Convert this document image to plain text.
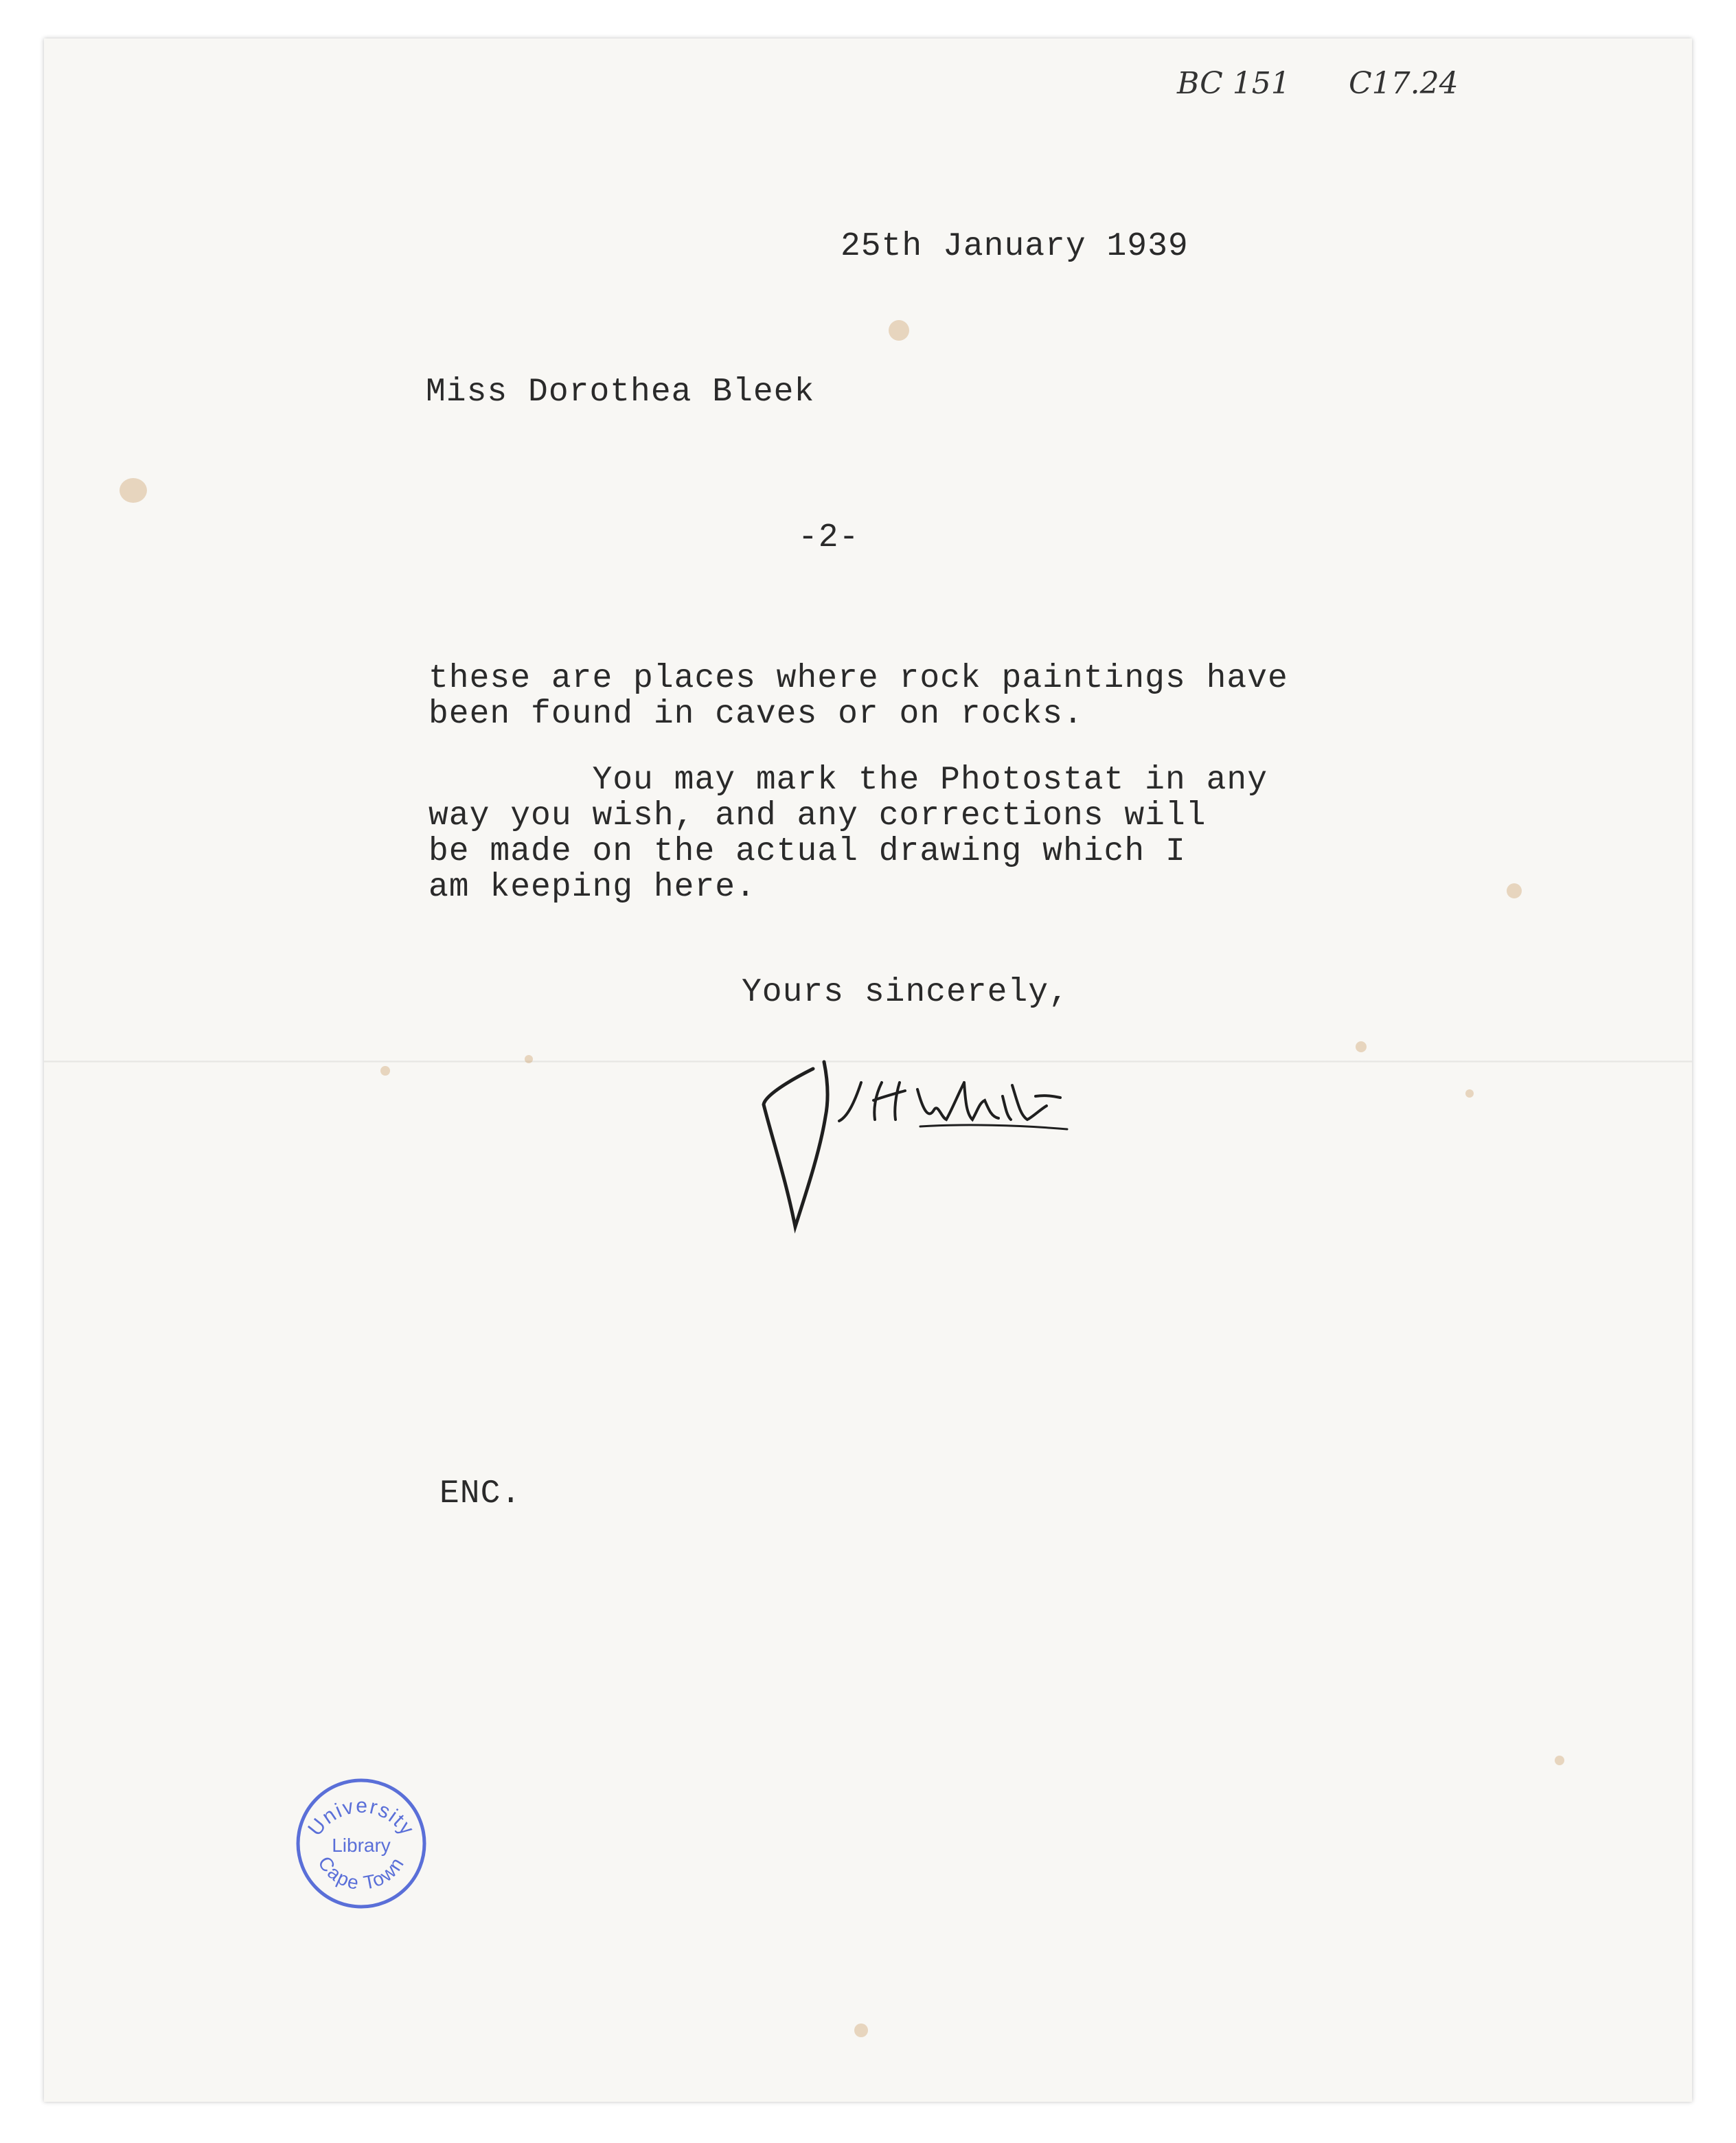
BC 151 C17.24
25th January 1939
Miss Dorothea Bleek
-2-
these are places where rock paintings have
been found in caves or on rocks.
You may mark the Photostat in any
way you wish, and any corrections will
be made on the actual drawing which I
am keeping here.
Yours sincerely,
ENC.
University
Library
Cape Town
